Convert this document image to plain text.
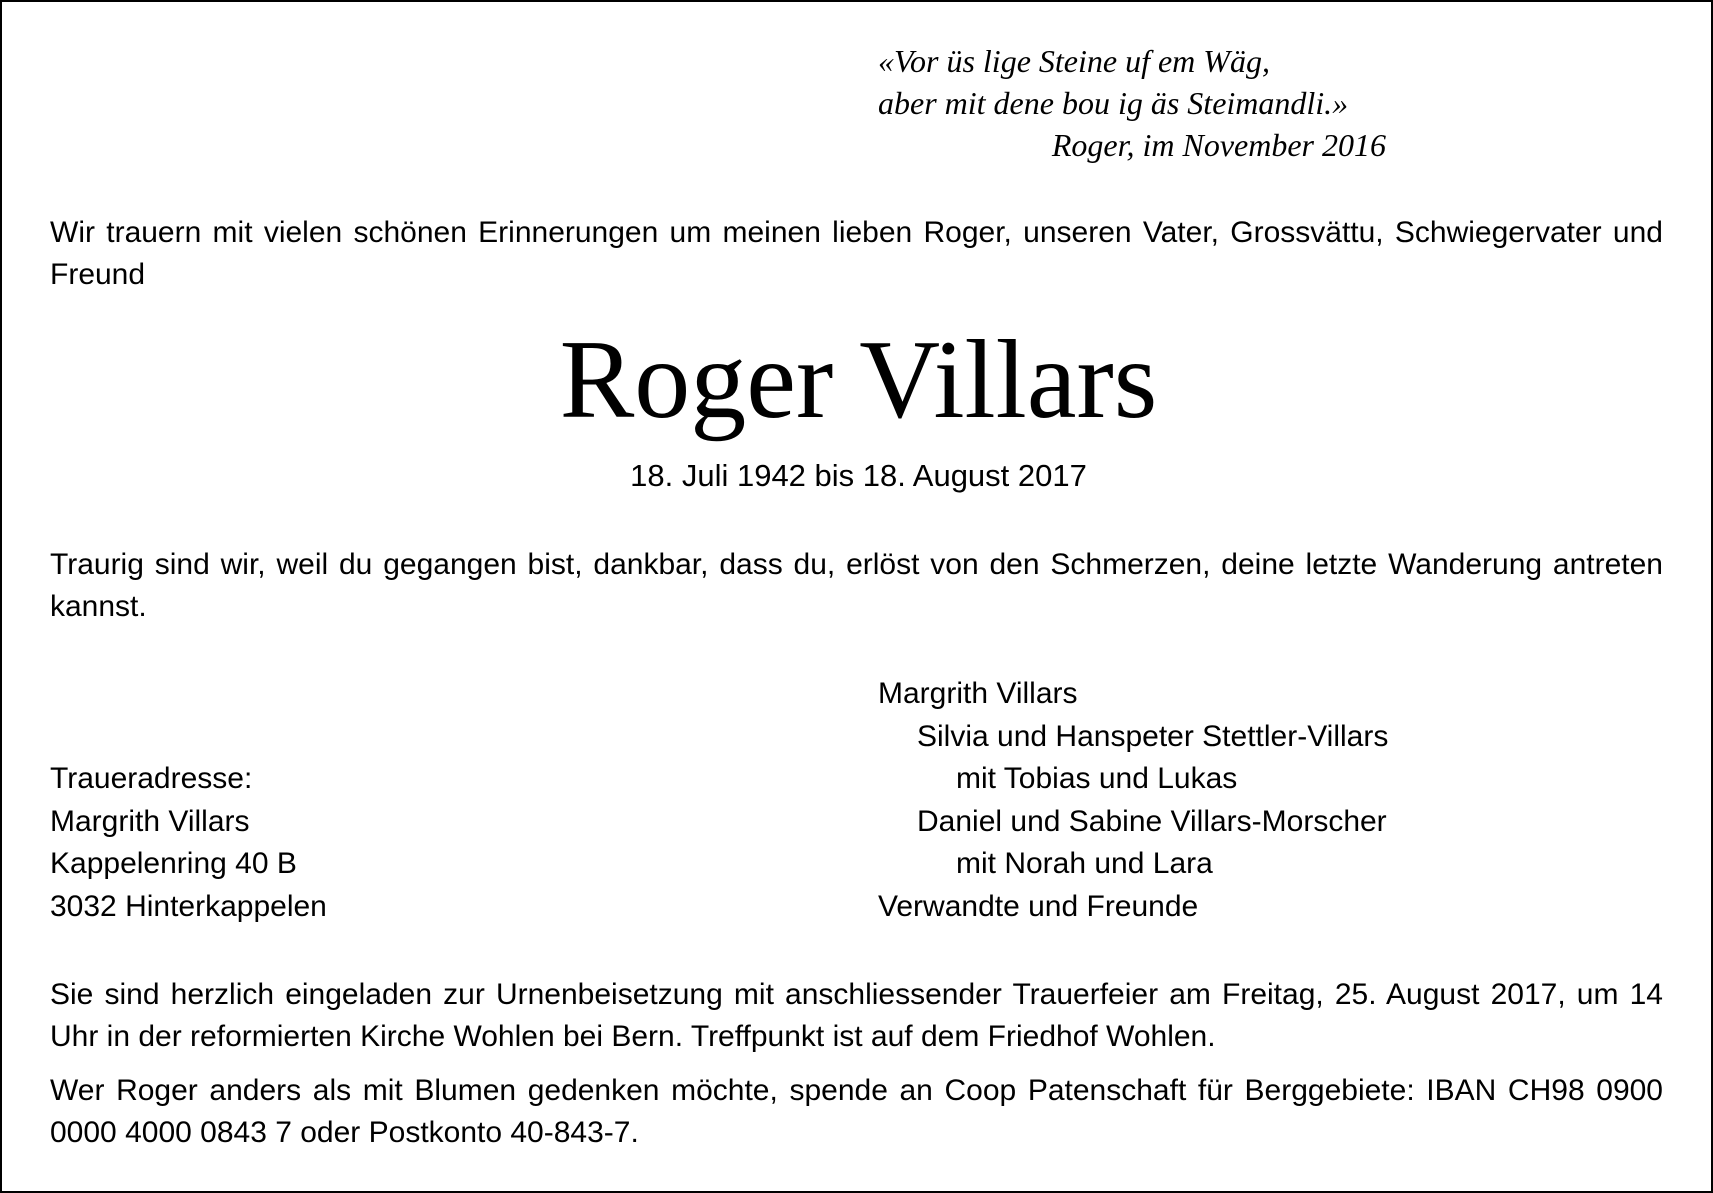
«Vor üs lige Steine uf em Wäg,
aber mit dene bou ig äs Steimandli.»
Roger, im November 2016
Wir trauern mit vielen schönen Erinnerungen um meinen lieben Roger, unseren Vater, Grossvättu, Schwiegervater und Freund
Roger Villars
18. Juli 1942 bis 18. August 2017
Traurig sind wir, weil du gegangen bist, dankbar, dass du, erlöst von den Schmerzen, deine letzte Wanderung antreten kannst.
Margrith Villars
Silvia und Hanspeter Stettler-Villars
mit Tobias und Lukas
Daniel und Sabine Villars-Morscher
mit Norah und Lara
Verwandte und Freunde
Traueradresse:
Margrith Villars
Kappelenring 40 B
3032 Hinterkappelen
Sie sind herzlich eingeladen zur Urnenbeisetzung mit anschliessender Trauerfeier am Freitag, 25. August 2017, um 14 Uhr in der reformierten Kirche Wohlen bei Bern. Treffpunkt ist auf dem Friedhof Wohlen.
Wer Roger anders als mit Blumen gedenken möchte, spende an Coop Patenschaft für Berggebiete: IBAN CH98 0900 0000 4000 0843 7 oder Postkonto 40-843-7.
